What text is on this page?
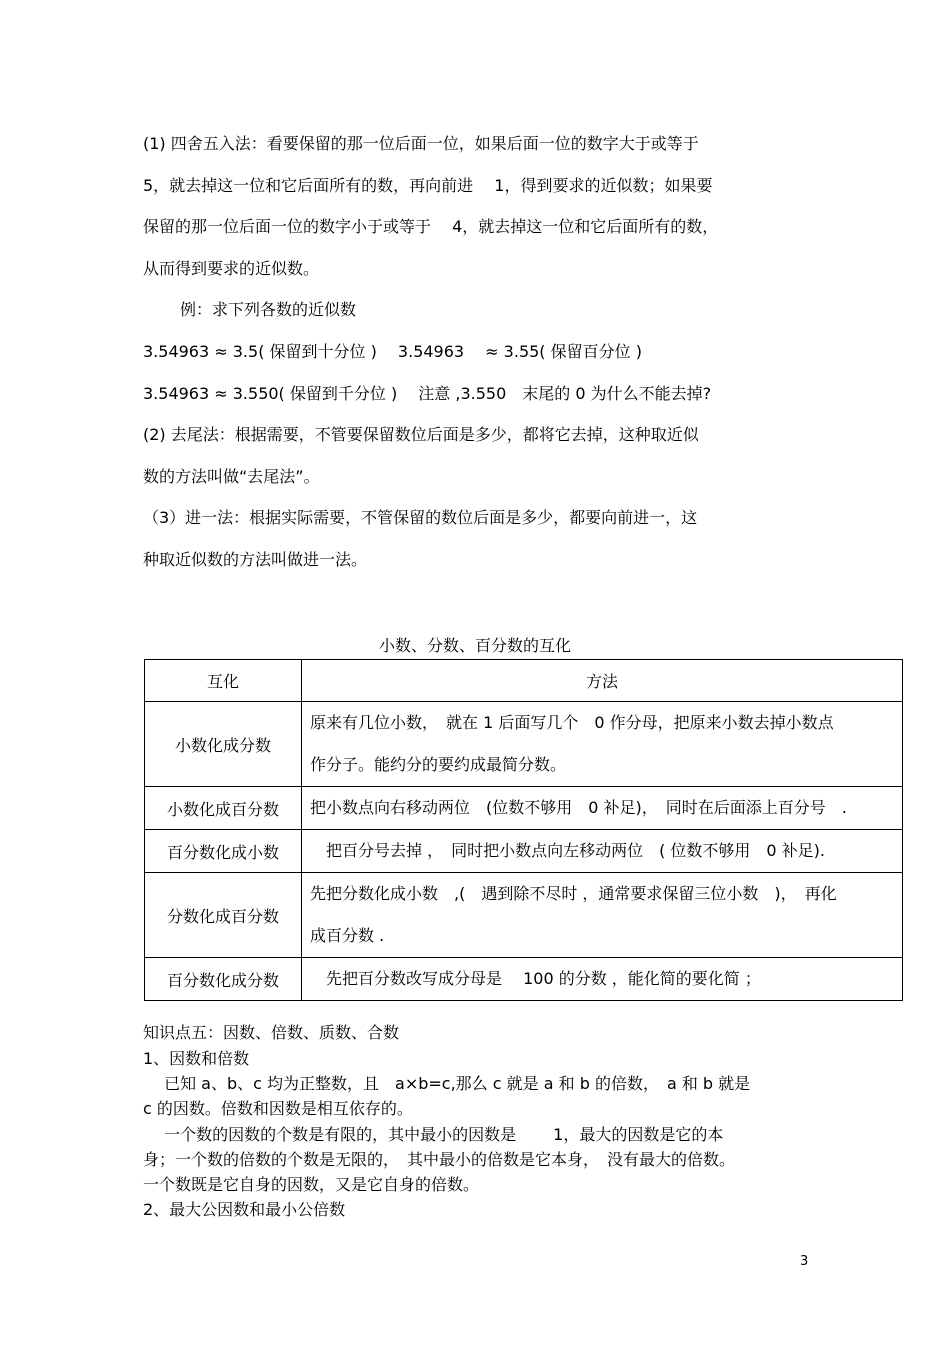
(1) 四舍五入法：看要保留的那一位后面一位，如果后面一位的数字大于或等于
5，就去掉这一位和它后面所有的数，再向前进　 1，得到要求的近似数；如果要
保留的那一位后面一位的数字小于或等于　 4，就去掉这一位和它后面所有的数，
从而得到要求的近似数。
例：求下列各数的近似数
3.54963 ≈ 3.5( 保留到十分位 )　 3.54963　 ≈ 3.55( 保留百分位 )
3.54963 ≈ 3.550( 保留到千分位 )　 注意 ,3.550　末尾的 0 为什么不能去掉?
(2) 去尾法：根据需要，不管要保留数位后面是多少，都将它去掉，这种取近似
数的方法叫做“去尾法”。
（3）进一法：根据实际需要，不管保留的数位后面是多少，都要向前进一，这
种取近似数的方法叫做进一法。
小数、分数、百分数的互化
互化	方法
小数化成分数	原来有几位小数，　就在 1 后面写几个　0 作分母，把原来小数去掉小数点
作分子。能约分的要约成最简分数。

小数化成百分数	把小数点向右移动两位　(位数不够用　0 补足)，　同时在后面添上百分号　.
百分数化成小数	　把百分号去掉 ，　同时把小数点向左移动两位　( 位数不够用　0 补足).
分数化成百分数	先把分数化成小数　,(　遇到除不尽时 ，通常要求保留三位小数　)，　再化
成百分数 .

百分数化成分数	　先把百分数改写成分母是　 100 的分数 ，能化简的要化简 ；
知识点五：因数、倍数、质数、合数
1、因数和倍数
　 已知 a、b、c 均为正整数，且　a×b=c,那么 c 就是 a 和 b 的倍数，　a 和 b 就是
c 的因数。倍数和因数是相互依存的。
　 一个数的因数的个数是有限的，其中最小的因数是　　 1，最大的因数是它的本
身；一个数的倍数的个数是无限的，　其中最小的倍数是它本身，　没有最大的倍数。
一个数既是它自身的因数，又是它自身的倍数。
2、最大公因数和最小公倍数
3
